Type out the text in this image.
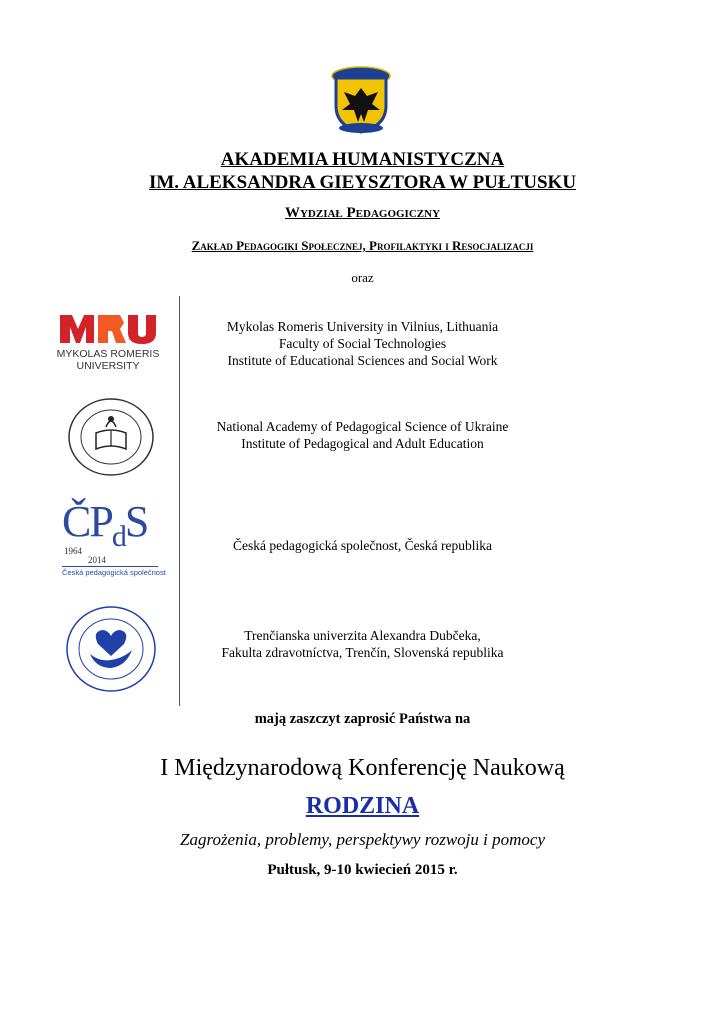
AKADEMIA HUMANISTYCZNA
IM. ALEKSANDRA GIEYSZTORA W PUŁTUSKU
Wydział Pedagogiczny
Zakład Pedagogiki Społecznej, Profilaktyki i Resocjalizacji
oraz
MYKOLAS ROMERIS
UNIVERSITY
Mykolas Romeris University in Vilnius, Lithuania
Faculty of Social Technologies
Institute of Educational Sciences and Social Work
National Academy of Pedagogical Science of Ukraine
Institute of Pedagogical and Adult Education
$ČP_dS$
1964
2014
Česká pedagogická společnost
Česká pedagogická společnost, Česká republika
Trenčianska univerzita Alexandra Dubčeka,
Fakulta zdravotníctva, Trenčín, Slovenská republika
mają zaszczyt zaprosić Państwa na
I Międzynarodową Konferencję Naukową
RODZINA
Zagrożenia, problemy, perspektywy rozwoju i pomocy
Pułtusk, 9-10 kwiecień 2015 r.
